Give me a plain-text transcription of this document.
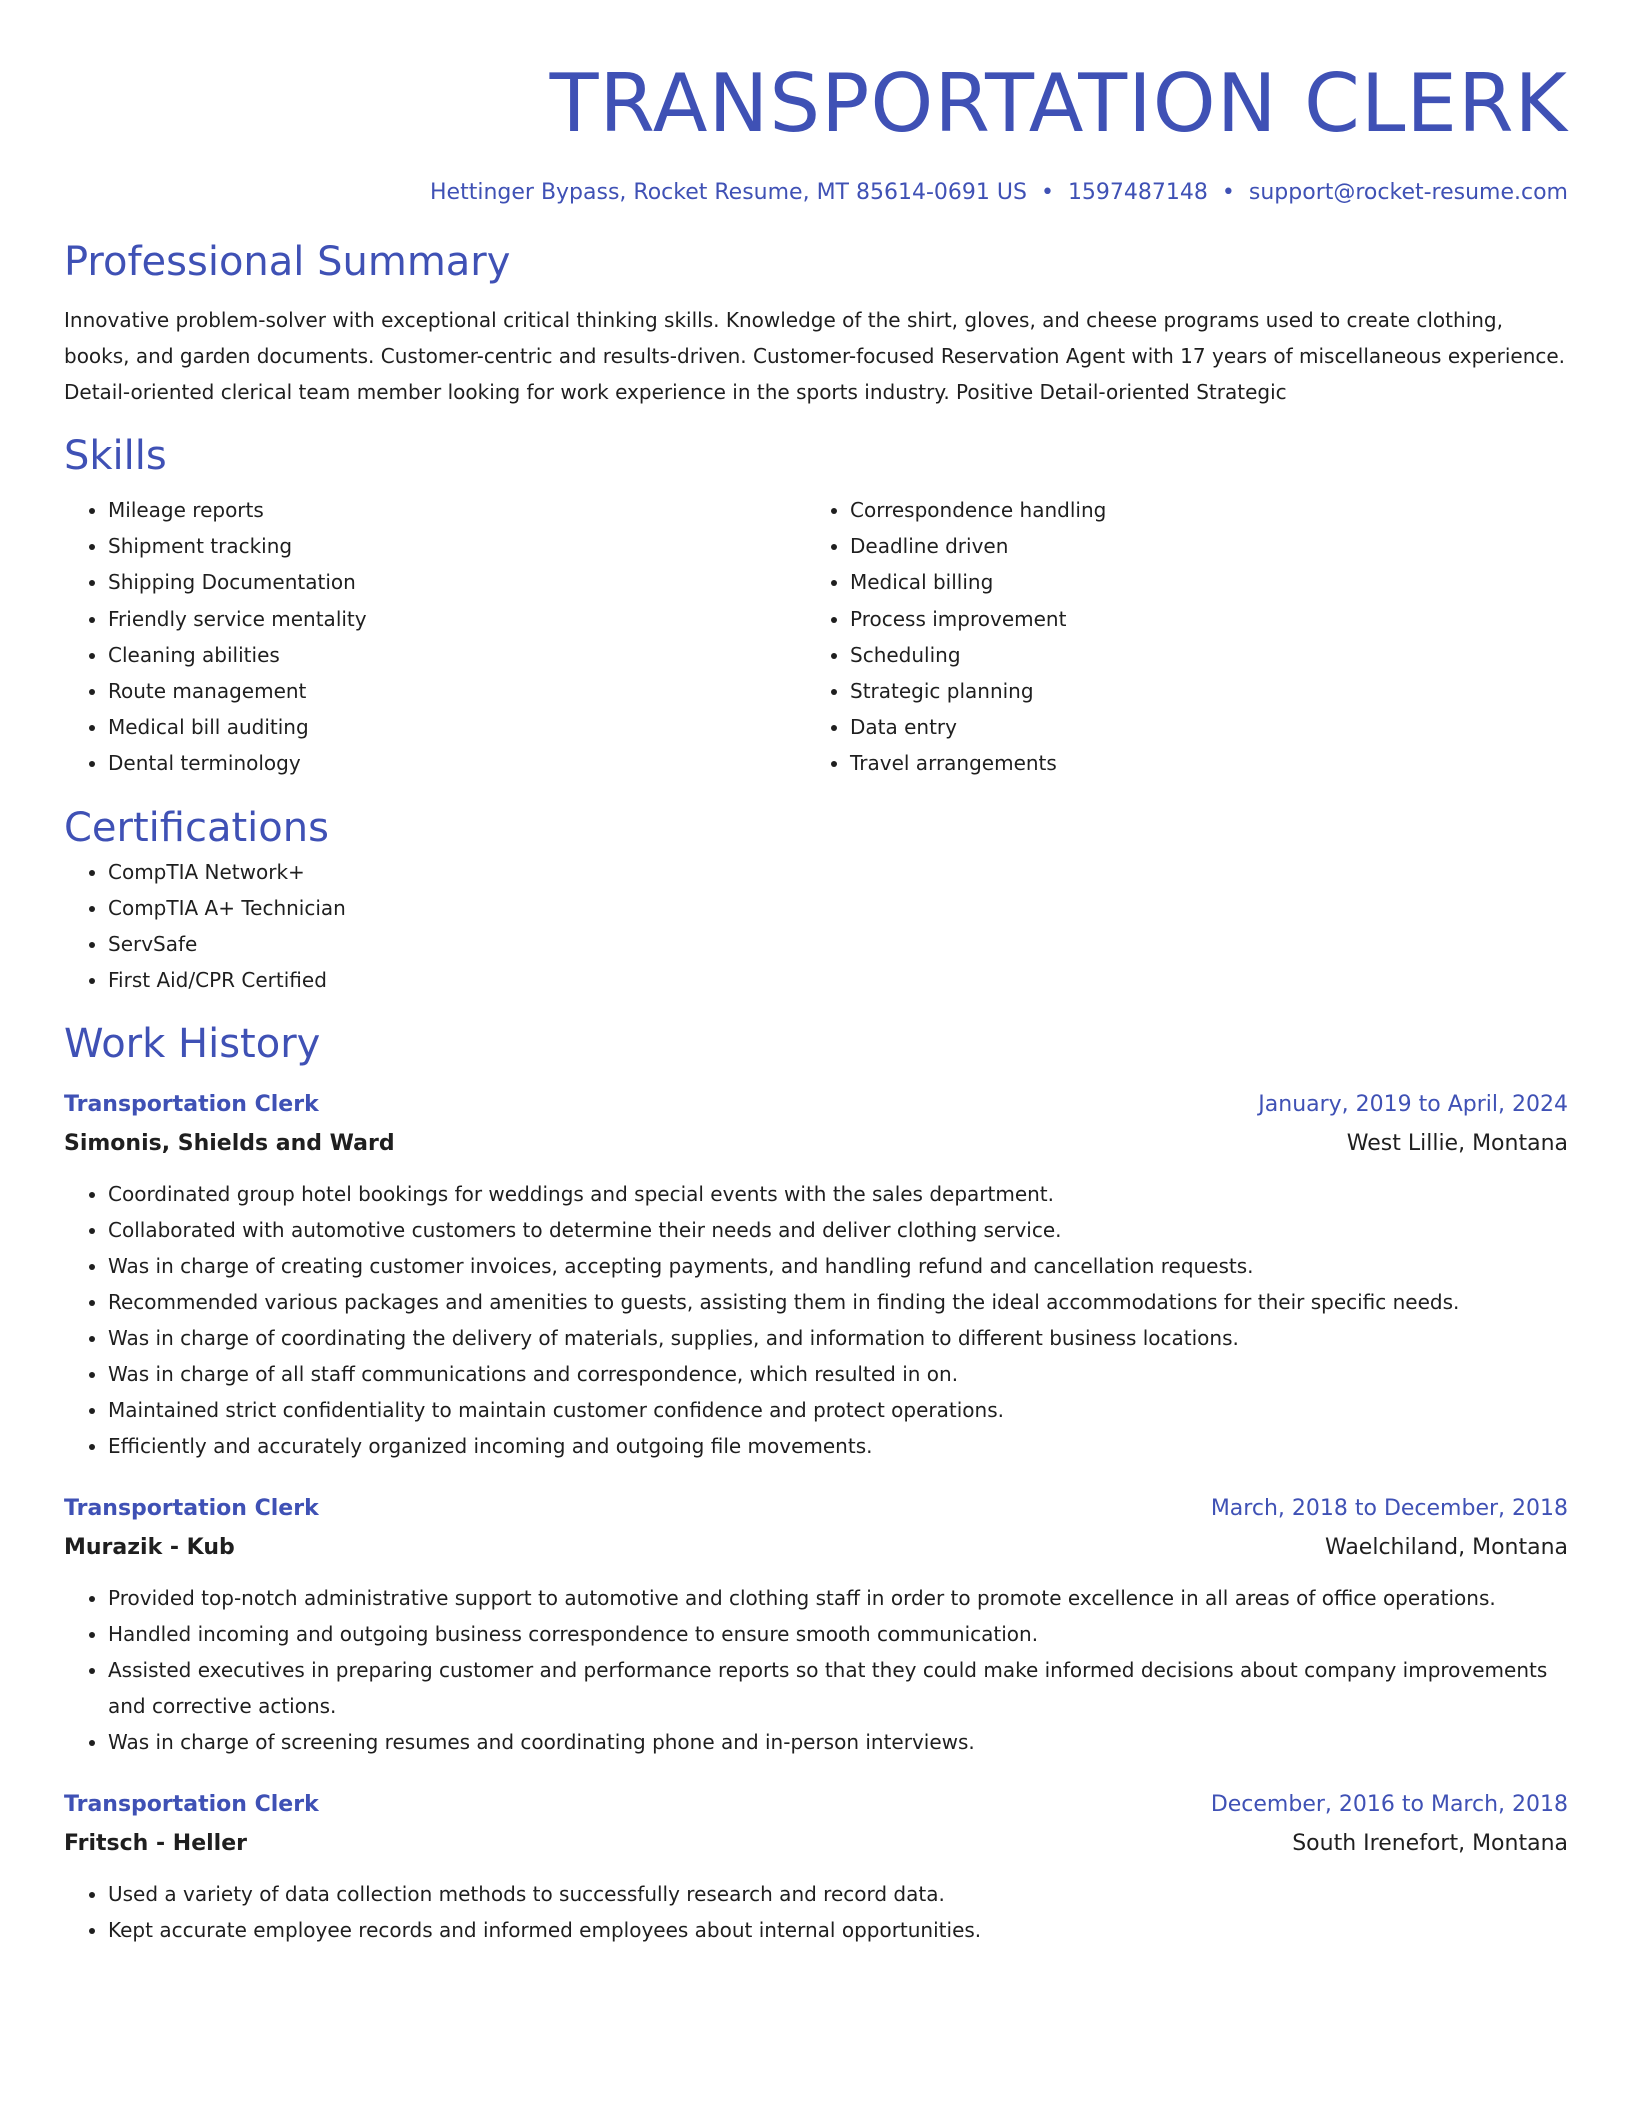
TRANSPORTATION CLERK
Hettinger Bypass, Rocket Resume, MT 85614-0691 US • 1597487148 • support@rocket-resume.com
Professional Summary
Innovative problem-solver with exceptional critical thinking skills. Knowledge of the shirt, gloves, and cheese programs used to create clothing, books, and garden documents. Customer-centric and results-driven. Customer-focused Reservation Agent with 17 years of miscellaneous experience. Detail-oriented clerical team member looking for work experience in the sports industry. Positive Detail-oriented Strategic
Skills
• Mileage reports
• Shipment tracking
• Shipping Documentation
• Friendly service mentality
• Cleaning abilities
• Route management
• Medical bill auditing
• Dental terminology
• Correspondence handling
• Deadline driven
• Medical billing
• Process improvement
• Scheduling
• Strategic planning
• Data entry
• Travel arrangements
Certifications
• CompTIA Network+
• CompTIA A+ Technician
• ServSafe
• First Aid/CPR Certified
Work History
Transportation Clerk	January, 2019 to April, 2024
Simonis, Shields and Ward	West Lillie, Montana
• Coordinated group hotel bookings for weddings and special events with the sales department.
• Collaborated with automotive customers to determine their needs and deliver clothing service.
• Was in charge of creating customer invoices, accepting payments, and handling refund and cancellation requests.
• Recommended various packages and amenities to guests, assisting them in finding the ideal accommodations for their specific needs.
• Was in charge of coordinating the delivery of materials, supplies, and information to different business locations.
• Was in charge of all staff communications and correspondence, which resulted in on.
• Maintained strict confidentiality to maintain customer confidence and protect operations.
• Efficiently and accurately organized incoming and outgoing file movements.
Transportation Clerk	March, 2018 to December, 2018
Murazik - Kub	Waelchiland, Montana
• Provided top-notch administrative support to automotive and clothing staff in order to promote excellence in all areas of office operations.
• Handled incoming and outgoing business correspondence to ensure smooth communication.
• Assisted executives in preparing customer and performance reports so that they could make informed decisions about company improvements and corrective actions.
• Was in charge of screening resumes and coordinating phone and in-person interviews.
Transportation Clerk	December, 2016 to March, 2018
Fritsch - Heller	South Irenefort, Montana
• Used a variety of data collection methods to successfully research and record data.
• Kept accurate employee records and informed employees about internal opportunities.
